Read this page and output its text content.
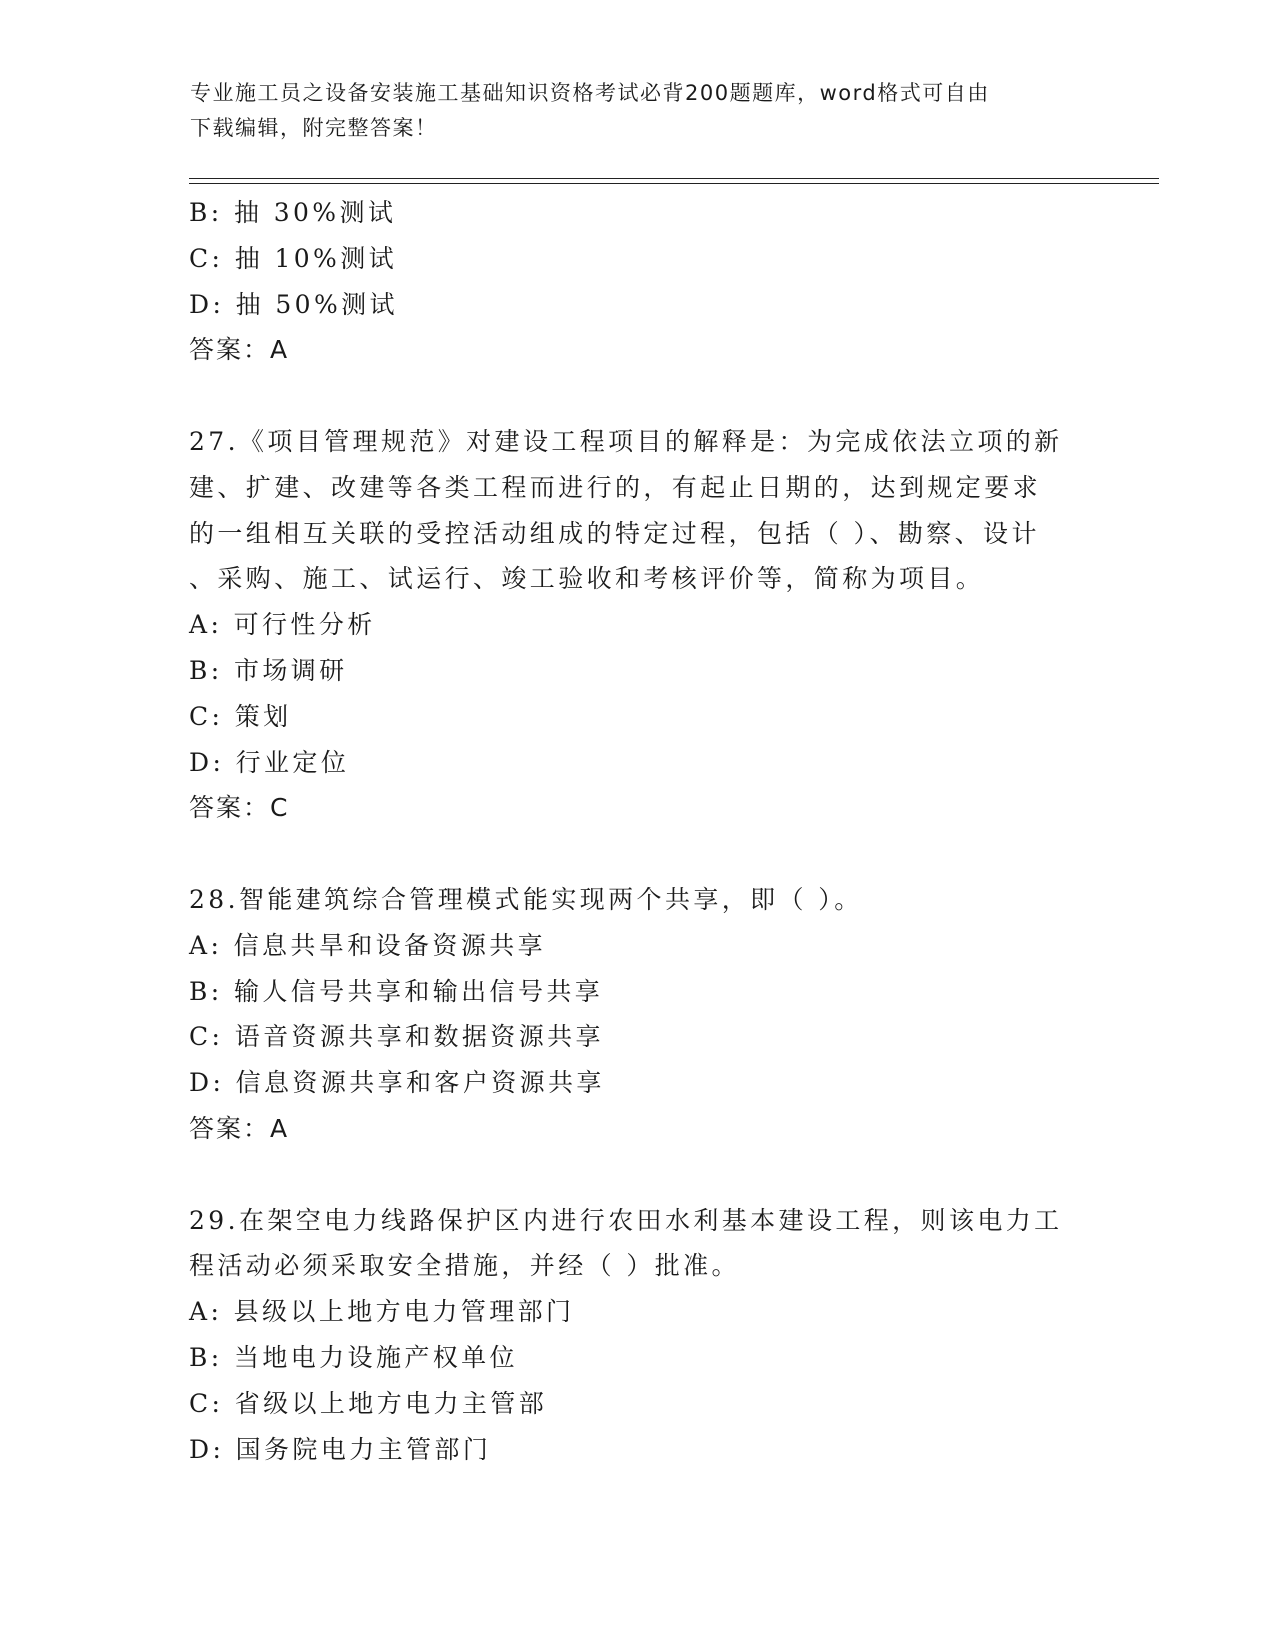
专业施工员之设备安装施工基础知识资格考试必背200题题库，word格式可自由
下载编辑，附完整答案！
B: 抽 30%测试
C: 抽 10%测试
D: 抽 50%测试
答案：A
27.《项目管理规范》对建设工程项目的解释是：为完成依法立项的新
建、扩建、改建等各类工程而进行的，有起止日期的，达到规定要求
的一组相互关联的受控活动组成的特定过程，包括（ ）、勘察、设计
、采购、施工、试运行、竣工验收和考核评价等，简称为项目。
A: 可行性分析
B: 市场调研
C: 策划
D: 行业定位
答案：C
28.智能建筑综合管理模式能实现两个共享，即（ ）。
A: 信息共旱和设备资源共享
B: 输人信号共享和输出信号共享
C: 语音资源共享和数据资源共享
D: 信息资源共享和客户资源共享
答案：A
29.在架空电力线路保护区内进行农田水利基本建设工程，则该电力工
程活动必须采取安全措施，并经（ ）批准。
A: 县级以上地方电力管理部门
B: 当地电力设施产权单位
C: 省级以上地方电力主管部
D: 国务院电力主管部门
